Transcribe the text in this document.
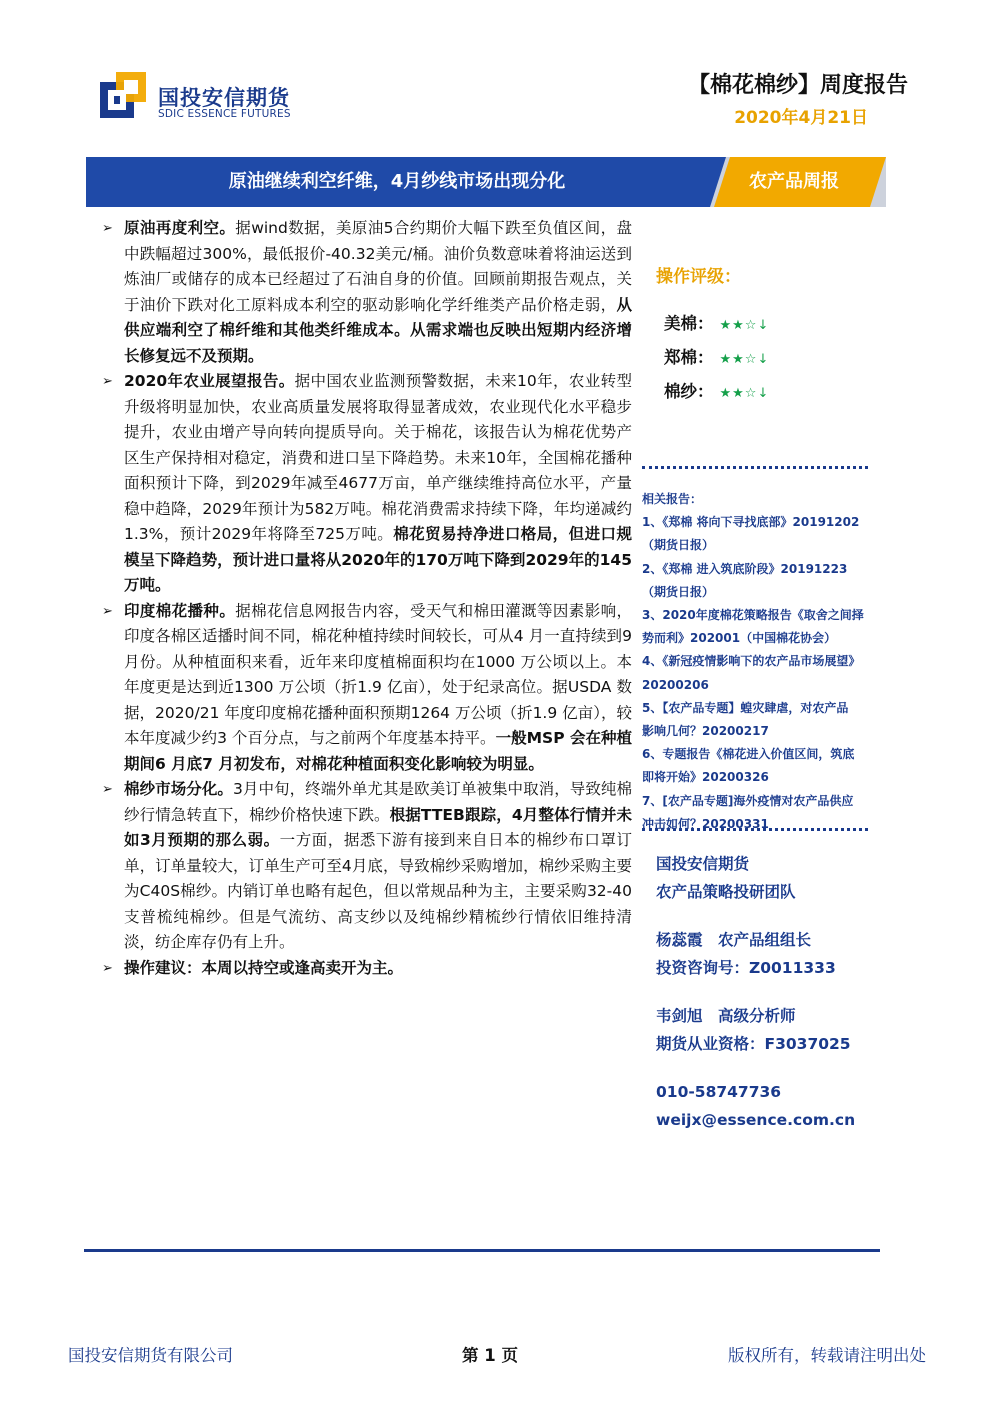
国投安信期货
SDIC ESSENCE FUTURES
【棉花棉纱】周度报告
2020年4月21日
原油继续利空纤维，4月纱线市场出现分化	农产品周报

➢ 原油再度利空。据wind数据，美原油5合约期价大幅下跌至负值区间，盘中跌幅超过300%，最低报价-40.32美元/桶。油价负数意味着将油运送到炼油厂或储存的成本已经超过了石油自身的价值。回顾前期报告观点，关于油价下跌对化工原料成本利空的驱动影响化学纤维类产品价格走弱，从供应端利空了棉纤维和其他类纤维成本。从需求端也反映出短期内经济增长修复远不及预期。

➢ 2020年农业展望报告。据中国农业监测预警数据，未来10年，农业转型升级将明显加快，农业高质量发展将取得显著成效，农业现代化水平稳步提升，农业由增产导向转向提质导向。关于棉花，该报告认为棉花优势产区生产保持相对稳定，消费和进口呈下降趋势。未来10年，全国棉花播种面积预计下降，到2029年减至4677万亩，单产继续维持高位水平，产量稳中趋降，2029年预计为582万吨。棉花消费需求持续下降，年均递减约1.3%，预计2029年将降至725万吨。棉花贸易持净进口格局，但进口规模呈下降趋势，预计进口量将从2020年的170万吨下降到2029年的145万吨。

➢ 印度棉花播种。据棉花信息网报告内容，受天气和棉田灌溉等因素影响，印度各棉区适播时间不同，棉花种植持续时间较长，可从4 月一直持续到9 月份。从种植面积来看，近年来印度植棉面积均在1000 万公顷以上。本年度更是达到近1300 万公顷（折1.9 亿亩），处于纪录高位。据USDA 数据，2020/21 年度印度棉花播种面积预期1264 万公顷（折1.9 亿亩），较本年度减少约3 个百分点，与之前两个年度基本持平。一般MSP 会在种植期间6 月底7 月初发布，对棉花种植面积变化影响较为明显。

➢ 棉纱市场分化。3月中旬，终端外单尤其是欧美订单被集中取消，导致纯棉纱行情急转直下，棉纱价格快速下跌。根据TTEB跟踪，4月整体行情并未如3月预期的那么弱。一方面，据悉下游有接到来自日本的棉纱布口罩订单，订单量较大，订单生产可至4月底，导致棉纱采购增加，棉纱采购主要为C40S棉纱。内销订单也略有起色，但以常规品种为主，主要采购32-40支普梳纯棉纱。但是气流纺、高支纱以及纯棉纱精梳纱行情依旧维持清淡，纺企库存仍有上升。

➢ 操作建议：本周以持空或逢高卖开为主。

操作评级：
美棉： ★★☆↓
郑棉： ★★☆↓
棉纱： ★★☆↓
相关报告：
1、《郑棉 将向下寻找底部》20191202
（期货日报）
2、《郑棉 进入筑底阶段》20191223
（期货日报）
3、2020年度棉花策略报告《取舍之间择
势而利》202001（中国棉花协会）
4、《新冠疫情影响下的农产品市场展望》
20200206
5、【农产品专题】蝗灾肆虐，对农产品
影响几何？20200217
6、专题报告《棉花进入价值区间，筑底
即将开始》20200326
7、[农产品专题]海外疫情对农产品供应
冲击如何？20200331
国投安信期货
农产品策略投研团队
杨蕊霞　农产品组组长
投资咨询号：Z0011333
韦剑旭　高级分析师
期货从业资格：F3037025
010-58747736
weijx@essence.com.cn
国投安信期货有限公司	第 1 页	版权所有，转载请注明出处
